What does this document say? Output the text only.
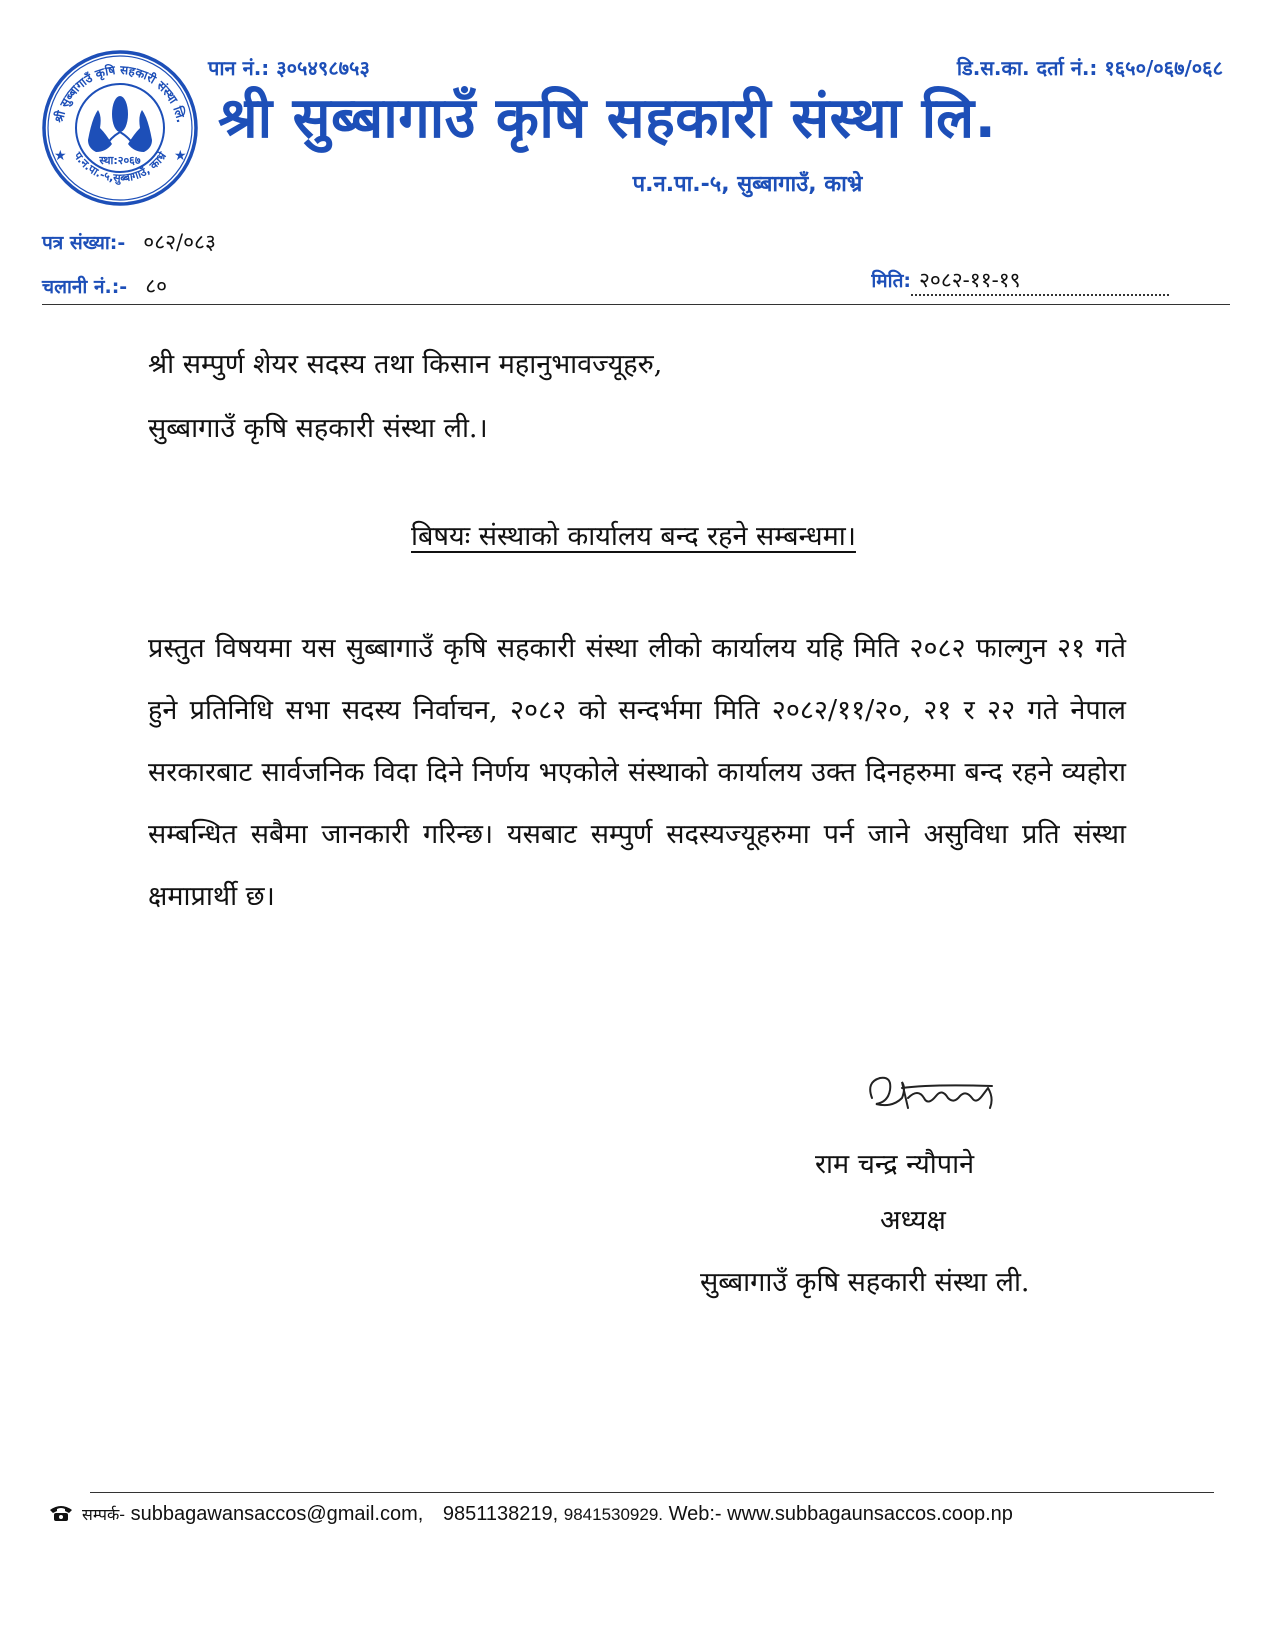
श्री सुब्बागाउँ कृषि सहकारी संस्था लि.
प.न.पा.-५,सुब्बागाउँ, काभ्रे
★	★
स्था:२०६७
पान नं.: ३०५४९८७५३	डि.स.का. दर्ता नं.: १६५०/०६७/०६८
श्री सुब्बागाउँ कृषि सहकारी संस्था लि.
प.न.पा.-५, सुब्बागाउँ, काभ्रे
पत्र संख्या:- ०८२/०८३
चलानी नं.:- ८०	मिति: २०८२-११-१९
श्री सम्पुर्ण शेयर सदस्य तथा किसान महानुभावज्यूहरु,
सुब्बागाउँ कृषि सहकारी संस्था ली.।
बिषयः संस्थाको कार्यालय बन्द रहने सम्बन्धमा।
प्रस्तुत विषयमा यस सुब्बागाउँ कृषि सहकारी संस्था लीको कार्यालय यहि मिति २०८२ फाल्गुन २१ गते हुने प्रतिनिधि सभा सदस्य निर्वाचन, २०८२ को सन्दर्भमा मिति २०८२/११/२०, २१ र २२ गते नेपाल सरकारबाट सार्वजनिक विदा दिने निर्णय भएकोले संस्थाको कार्यालय उक्त दिनहरुमा बन्द रहने व्यहोरा सम्बन्धित सबैमा जानकारी गरिन्छ। यसबाट सम्पुर्ण सदस्यज्यूहरुमा पर्न जाने असुविधा प्रति संस्था क्षमाप्रार्थी छ।
राम चन्द्र न्यौपाने
अध्यक्ष
सुब्बागाउँ कृषि सहकारी संस्था ली.
सम्पर्क- subbagawansaccos@gmail.com, 9851138219, 9841530929. Web:- www.subbagaunsaccos.coop.np
